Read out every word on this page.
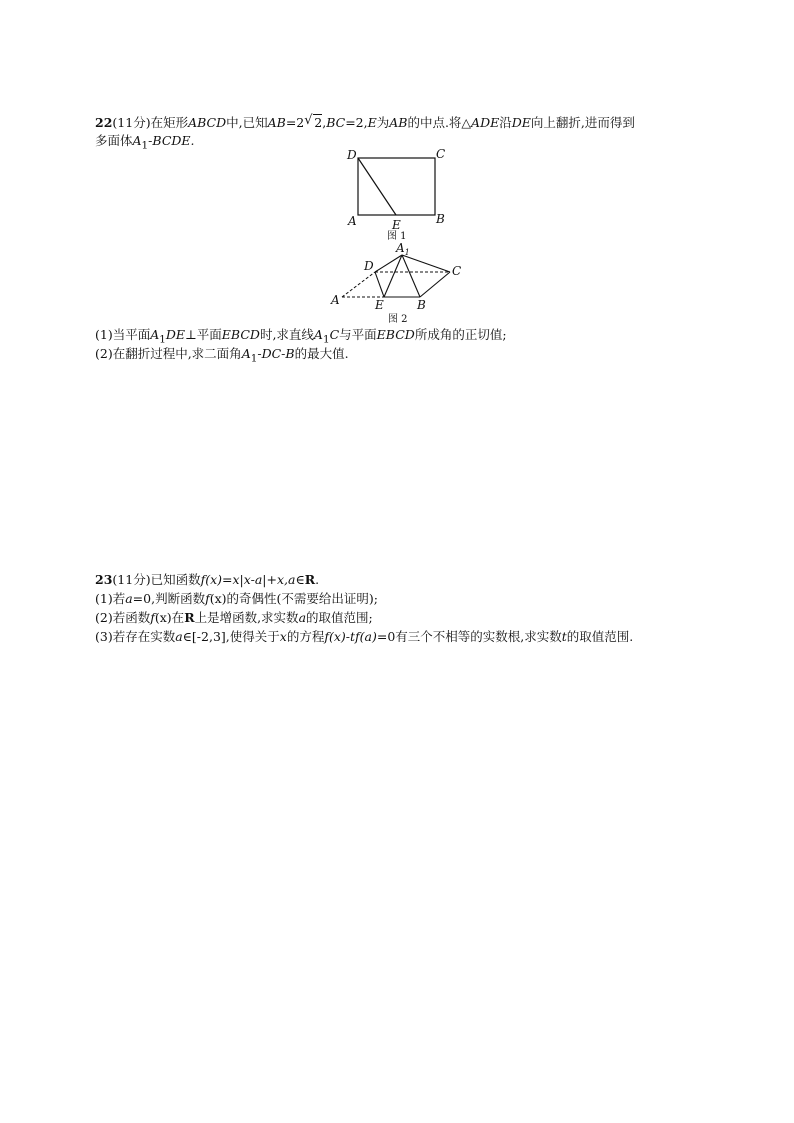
22(11分)在矩形ABCD中,已知AB=2 √ 2,BC=2,E为AB的中点.将△ADE沿DE向上翻折,进而得到
多面体$A_1$-BCDE.
D	C
A	E	B
图 1
$A_1$
D	C
A	E	B
图 2
(1)当平面$A_1DE\perp$平面EBCD时,求直线$A_1C$与平面EBCD所成角的正切值;
(2)在翻折过程中,求二面角$A_1-DC-B$的最大值.
23(11分)已知函数f(x)=x|x-a|+x,a∈R.
(1)若a=0,判断函数f(x)的奇偶性(不需要给出证明);
(2)若函数f(x)在R上是增函数,求实数a的取值范围;
(3)若存在实数a∈[-2,3],使得关于x的方程f(x)-tf(a)=0有三个不相等的实数根,求实数t的取值范围.
